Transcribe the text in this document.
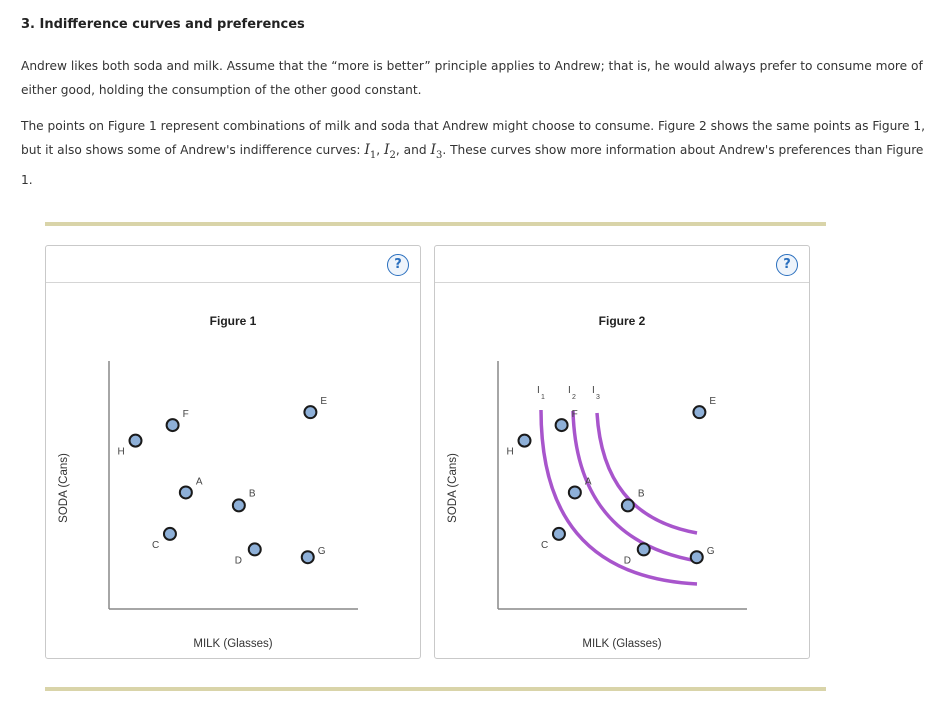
3. Indifference curves and preferences
Andrew likes both soda and milk. Assume that the “more is better” principle applies to Andrew; that is, he would always prefer to consume more of
either good, holding the consumption of the other good constant.
The points on Figure 1 represent combinations of milk and soda that Andrew might choose to consume. Figure 2 shows the same points as Figure 1, but it also shows some of Andrew's indifference curves: $I_1$, $I_2$, and $I_3$. These curves show more information about Andrew's preferences than Figure 1.
?
Figure 1
MILK (Glasses)
SODA (Cans)
H
F
A
C
B
D
E
G
?
Figure 2
MILK (Glasses)
SODA (Cans)
I
1
I
2
I
3
H
F
A
C
B
D
E
G
